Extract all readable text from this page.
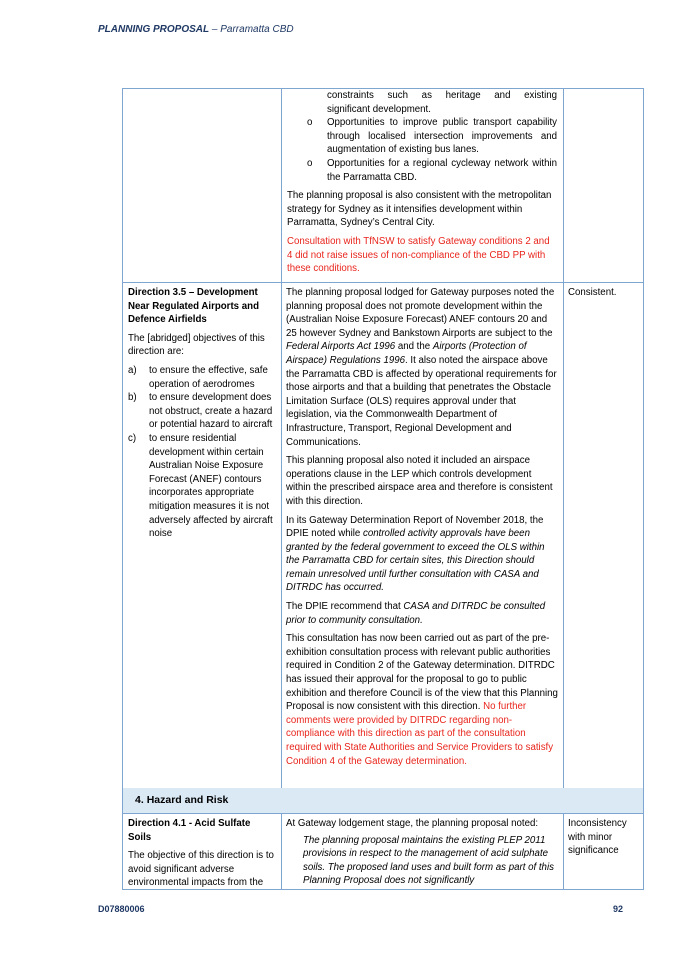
PLANNING PROPOSAL – Parramatta CBD
constraints such as heritage and existing
significant development.
o Opportunities to improve public transport capability through localised intersection improvements and augmentation of existing bus lanes.
o Opportunities for a regional cycleway network within the Parramatta CBD.

The planning proposal is also consistent with the metropolitan strategy for Sydney as it intensifies development within Parramatta, Sydney’s Central City.

Consultation with TfNSW to satisfy Gateway conditions 2 and 4 did not raise issues of non-compliance of the CBD PP with these conditions.

Direction 3.5 – Development Near Regulated Airports and Defence Airfields

The [abridged] objectives of this direction are:

a) to ensure the effective, safe operation of aerodromes
b) to ensure development does not obstruct, create a hazard or potential hazard to aircraft
c) to ensure residential development within certain Australian Noise Exposure Forecast (ANEF) contours incorporates appropriate mitigation measures it is not adversely affected by aircraft noise

The planning proposal lodged for Gateway purposes noted the planning proposal does not promote development within the (Australian Noise Exposure Forecast) ANEF contours 20 and 25 however Sydney and Bankstown Airports are subject to the Federal Airports Act 1996 and the Airports (Protection of Airspace) Regulations 1996. It also noted the airspace above the Parramatta CBD is affected by operational requirements for those airports and that a building that penetrates the Obstacle Limitation Surface (OLS) requires approval under that legislation, via the Commonwealth Department of Infrastructure, Transport, Regional Development and Communications.

This planning proposal also noted it included an airspace operations clause in the LEP which controls development within the prescribed airspace area and therefore is consistent with this direction.

In its Gateway Determination Report of November 2018, the DPIE noted while controlled activity approvals have been granted by the federal government to exceed the OLS within the Parramatta CBD for certain sites, this Direction should remain unresolved until further consultation with CASA and DITRDC has occurred.

The DPIE recommend that CASA and DITRDC be consulted prior to community consultation.

This consultation has now been carried out as part of the pre-exhibition consultation process with relevant public authorities required in Condition 2 of the Gateway determination. DITRDC has issued their approval for the proposal to go to public exhibition and therefore Council is of the view that this Planning Proposal is now consistent with this direction. No further comments were provided by DITRDC regarding non-compliance with this direction as part of the consultation required with State Authorities and Service Providers to satisfy Condition 4 of the Gateway determination.

Consistent.
4. Hazard and Risk

Direction 4.1 - Acid Sulfate Soils

The objective of this direction is to avoid significant adverse environmental impacts from the

At Gateway lodgement stage, the planning proposal noted:

The planning proposal maintains the existing PLEP 2011 provisions in respect to the management of acid sulphate soils. The proposed land uses and built form as part of this Planning Proposal does not significantly

Inconsistency with minor significance
D07880006	92
